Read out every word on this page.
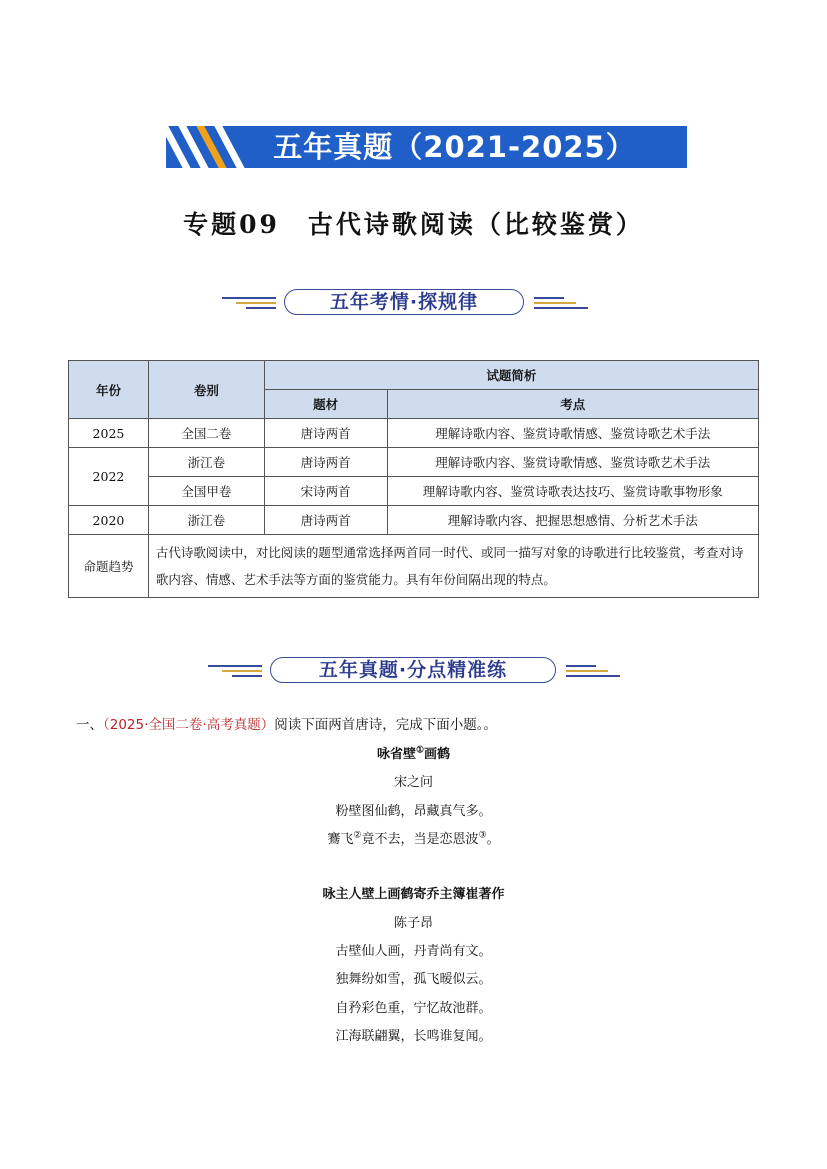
五年真题（2021-2025）
专题09　古代诗歌阅读（比较鉴赏）
五年考情·探规律
年份	卷别	试题简析	
		题材	考点
2025	全国二卷	唐诗两首	理解诗歌内容、鉴赏诗歌情感、鉴赏诗歌艺术手法
2022	浙江卷	唐诗两首	理解诗歌内容、鉴赏诗歌情感、鉴赏诗歌艺术手法
	全国甲卷	宋诗两首	理解诗歌内容、鉴赏诗歌表达技巧、鉴赏诗歌事物形象
2020	浙江卷	唐诗两首	理解诗歌内容、把握思想感情、分析艺术手法
命题趋势	古代诗歌阅读中，对比阅读的题型通常选择两首同一时代、或同一描写对象的诗歌进行比较鉴赏，考查对诗歌内容、情感、艺术手法等方面的鉴赏能力。具有年份间隔出现的特点。		
五年真题·分点精准练
一、（2025·全国二卷·高考真题）阅读下面两首唐诗，完成下面小题。。
咏省壁①画鹤
宋之问
粉壁图仙鹤，昂藏真气多。
鶱飞②竟不去，当是恋恩波③。
咏主人壁上画鹤寄乔主簿崔著作
陈子昂
古壁仙人画，丹青尚有文。
独舞纷如雪，孤飞暧似云。
自矜彩色重，宁忆故池群。
江海联翩翼，长鸣谁复闻。
